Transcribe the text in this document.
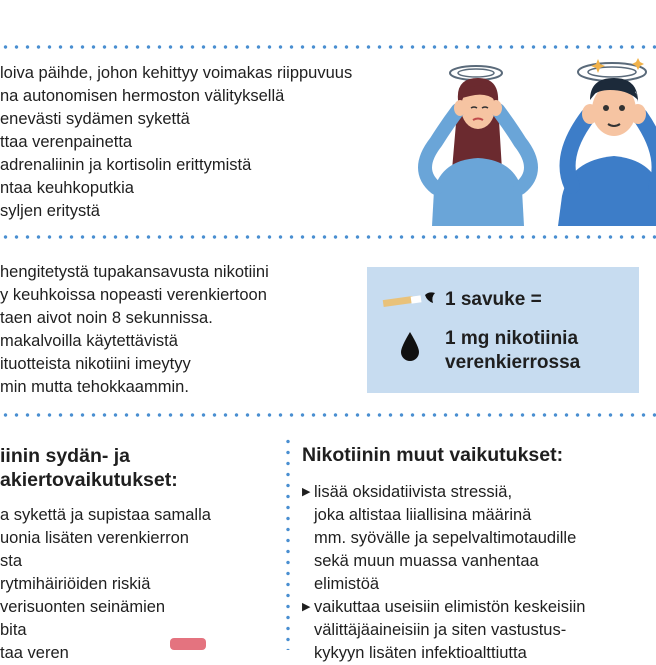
loiva päihde, johon kehittyy voimakas riippuvuus
na autonomisen hermoston välityksellä
enevästi sydämen sykettä
ttaa verenpainetta
adrenaliinin ja kortisolin erittymistä
ntaa keuhkoputkia
syljen eritystä
hengitetystä tupakansavusta nikotiini
y keuhkoissa nopeasti verenkiertoon
taen aivot noin 8 sekunnissa.
makalvoilla käytettävistä
ituotteista nikotiini imeytyy
min mutta tehokkaammin.
1 savuke =
1 mg nikotiinia
verenkierrossa
iinin sydän- ja
akiertovaikutukset:
a sykettä ja supistaa samalla
uonia lisäten verenkierron
sta
rytmihäiriöiden riskiä
verisuonten seinämien
bita
taa veren
Nikotiinin muut vaikutukset:
▶ lisää oksidatiivista stressiä,
joka altistaa liiallisina määrinä
mm. syövälle ja sepelvaltimotaudille
sekä muun muassa vanhentaa
elimistöä
▶ vaikuttaa useisiin elimistön keskeisiin
välittäjäaineisiin ja siten vastustus-
kykyyn lisäten infektioalttiutta
